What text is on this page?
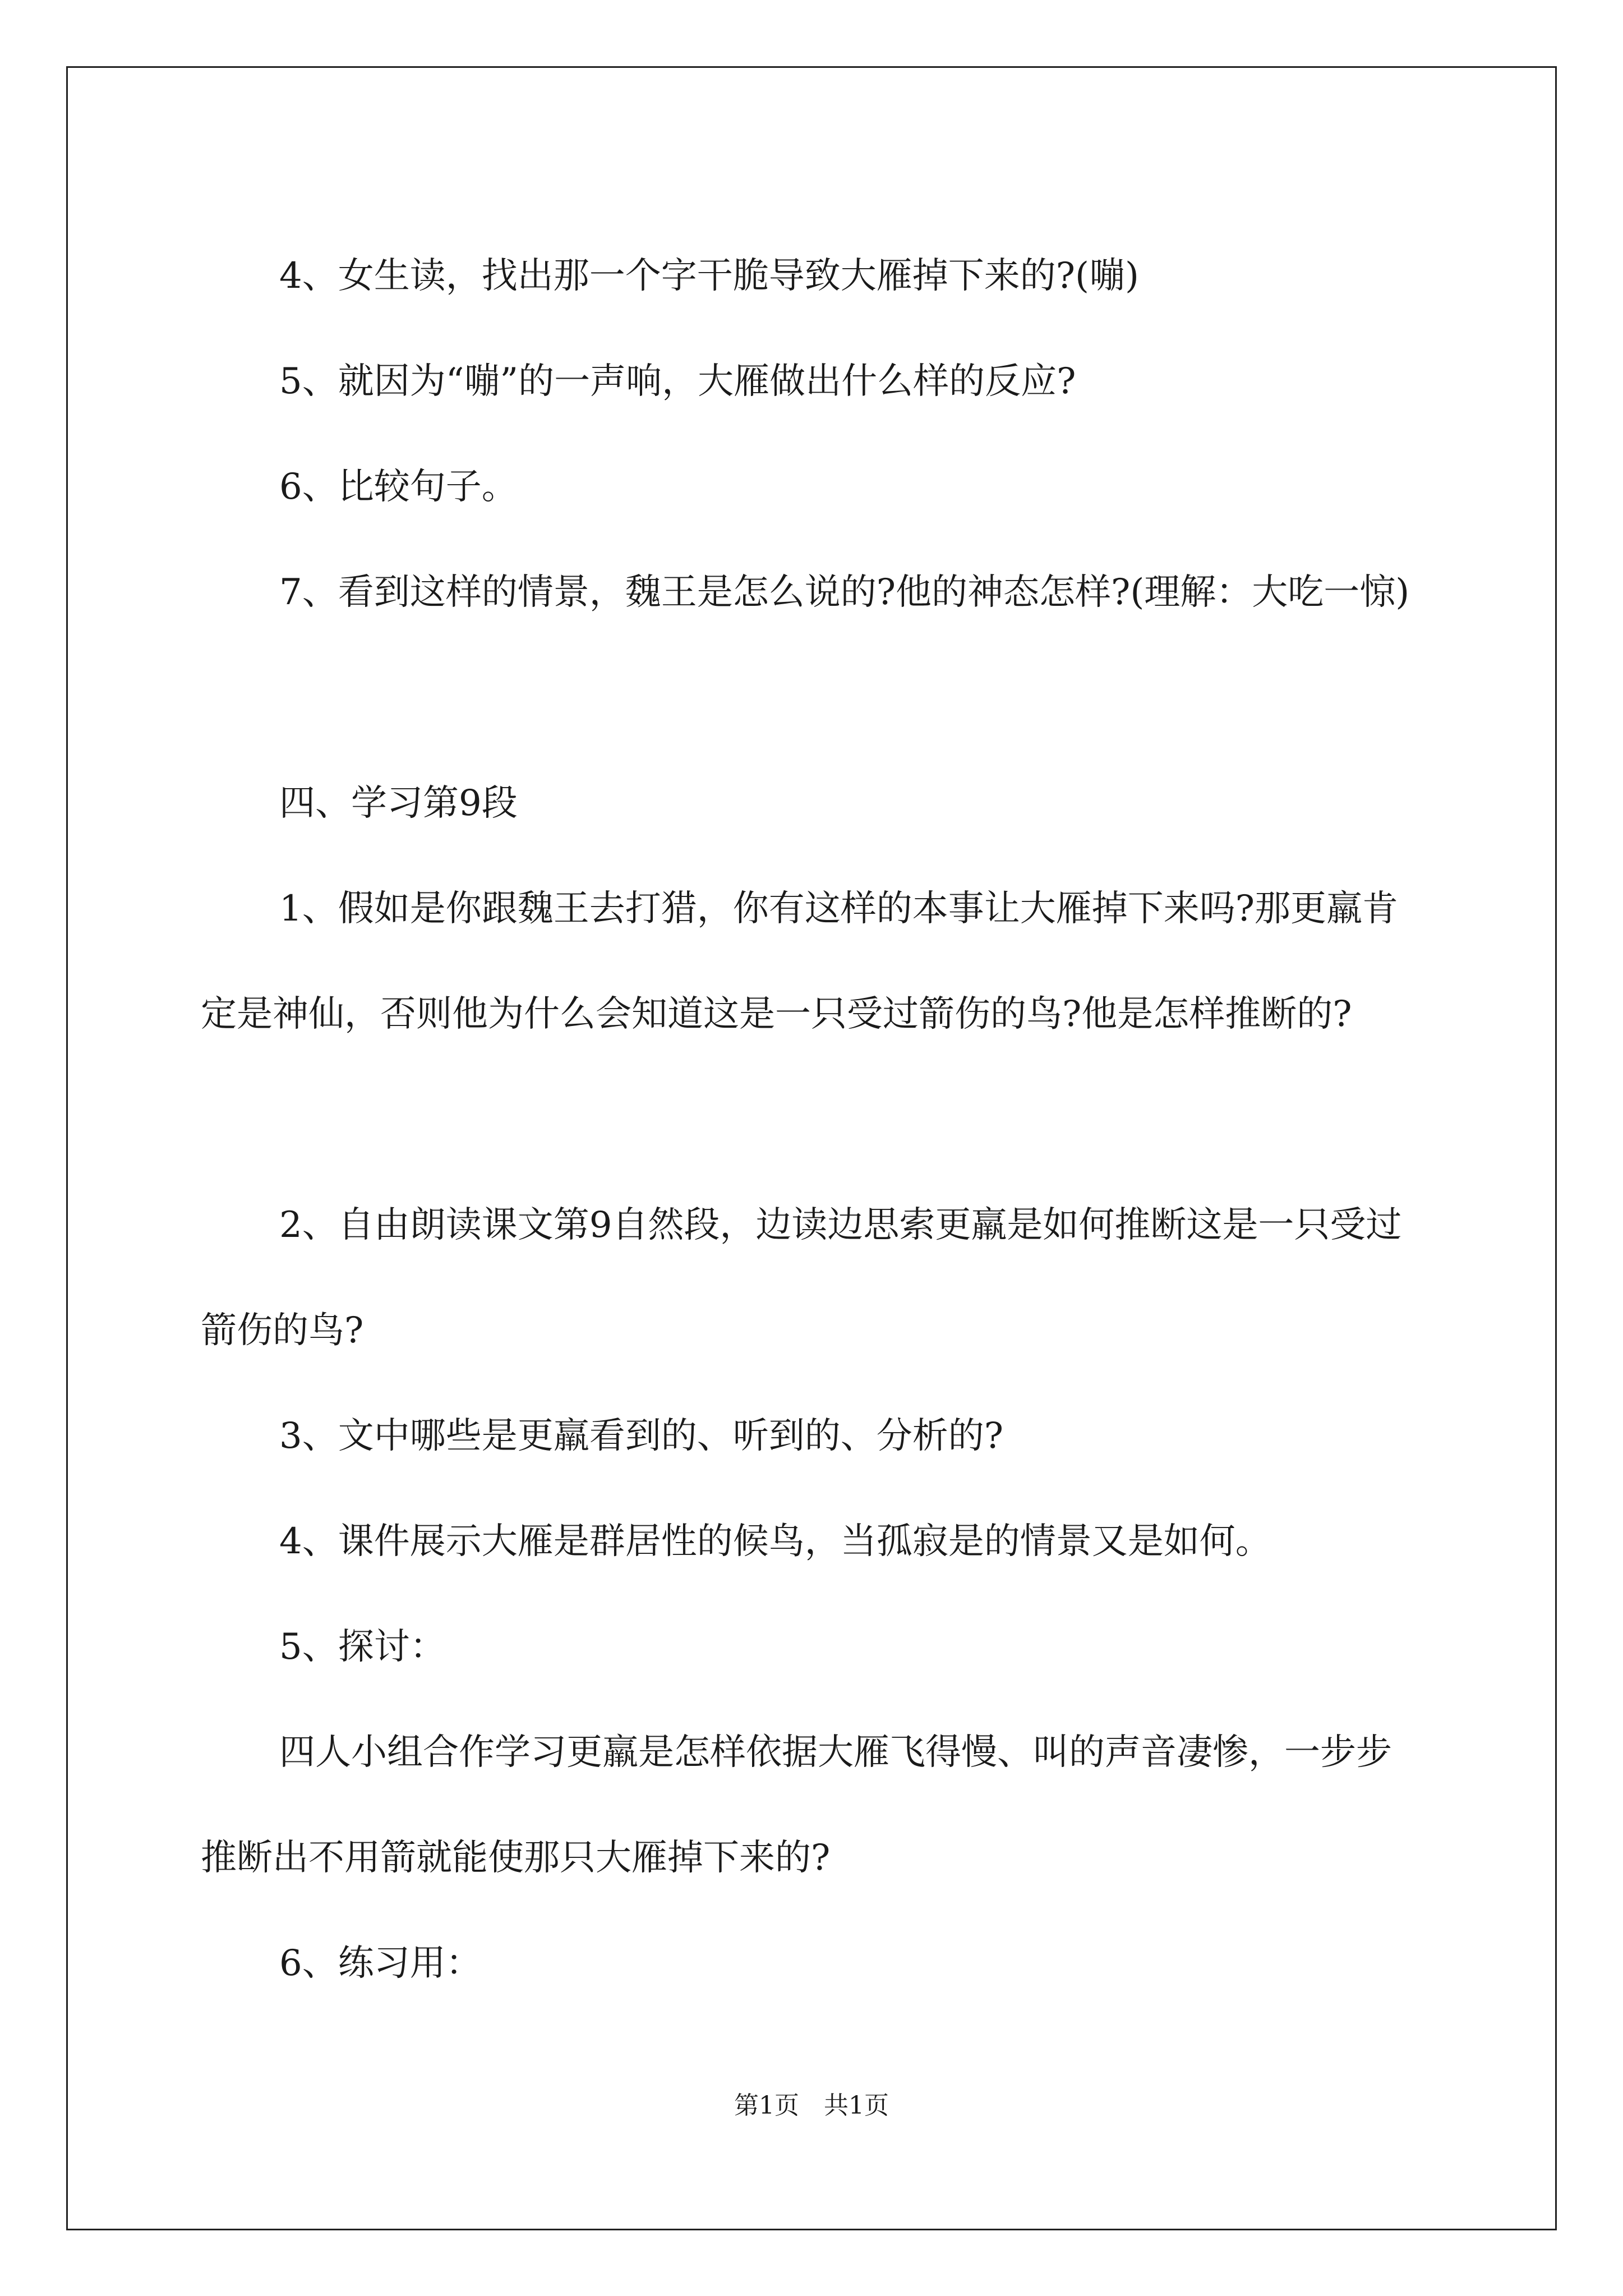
4、女生读，找出那一个字干脆导致大雁掉下来的?(嘣)

5、就因为“嘣”的一声响，大雁做出什么样的反应?

6、比较句子。

7、看到这样的情景，魏王是怎么说的?他的神态怎样?(理解：大吃一惊)

四、学习第9段

1、假如是你跟魏王去打猎，你有这样的本事让大雁掉下来吗?那更羸肯定是神仙，否则他为什么会知道这是一只受过箭伤的鸟?他是怎样推断的?

2、自由朗读课文第9自然段，边读边思索更羸是如何推断这是一只受过箭伤的鸟?

3、文中哪些是更羸看到的、听到的、分析的?

4、课件展示大雁是群居性的候鸟，当孤寂是的情景又是如何。

5、探讨：

四人小组合作学习更羸是怎样依据大雁飞得慢、叫的声音凄惨，一步步推断出不用箭就能使那只大雁掉下来的?

6、练习用：

第1页　共1页
